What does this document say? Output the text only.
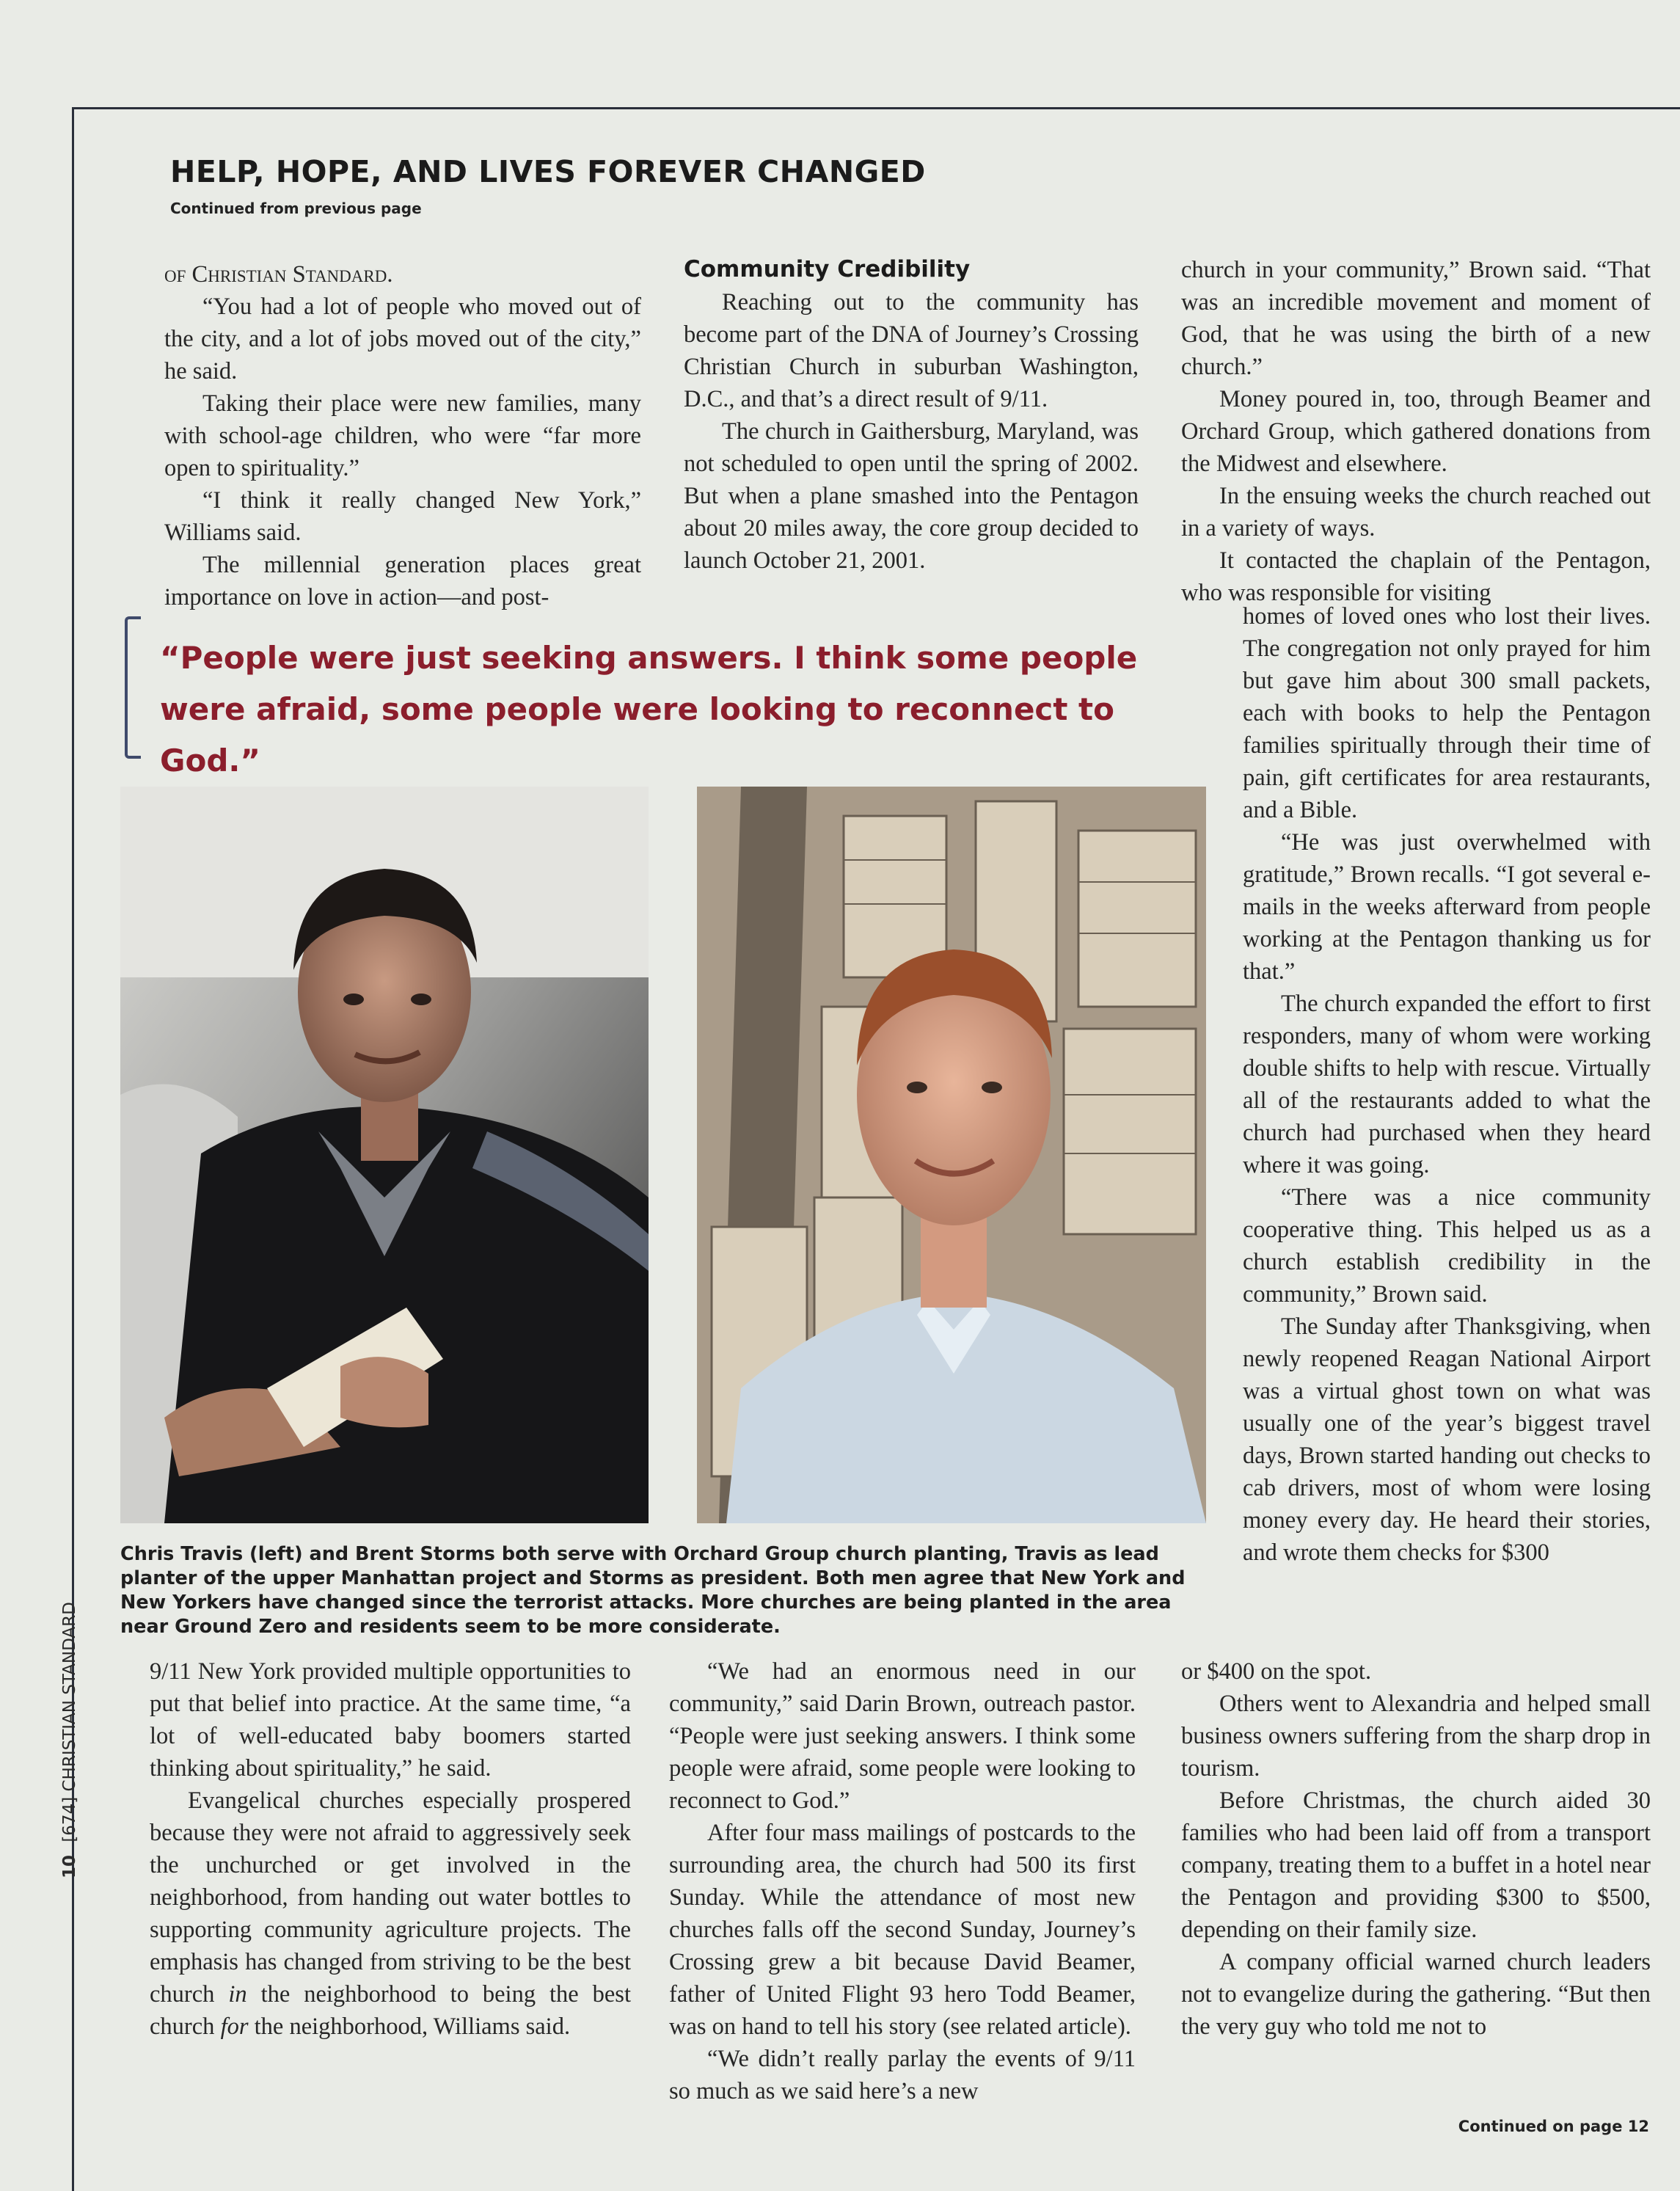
HELP, HOPE, AND LIVES FOREVER CHANGED
Continued from previous page

of Christian Standard.

“You had a lot of people who moved out of the city, and a lot of jobs moved out of the city,” he said.

Taking their place were new families, many with school-age children, who were “far more open to spirituality.”

“I think it really changed New York,” Williams said.

The millennial generation places great importance on love in action—and post-

Community Credibility

Reaching out to the community has become part of the DNA of Journey’s Crossing Christian Church in suburban Washington, D.C., and that’s a direct result of 9/11.

The church in Gaithersburg, Maryland, was not scheduled to open until the spring of 2002. But when a plane smashed into the Pentagon about 20 miles away, the core group decided to launch October 21, 2001.

church in your community,” Brown said. “That was an incredible movement and moment of God, that he was using the birth of a new church.”

Money poured in, too, through Beamer and Orchard Group, which gathered donations from the Midwest and elsewhere.

In the ensuing weeks the church reached out in a variety of ways.

It contacted the chaplain of the Pentagon, who was responsible for visiting

homes of loved ones who lost their lives. The congregation not only prayed for him but gave him about 300 small packets, each with books to help the Pentagon families spiritually through their time of pain, gift certificates for area restaurants, and a Bible.

“He was just overwhelmed with gratitude,” Brown recalls. “I got several e-mails in the weeks afterward from people working at the Pentagon thanking us for that.”

The church expanded the effort to first responders, many of whom were working double shifts to help with rescue. Virtually all of the restaurants added to what the church had purchased when they heard where it was going.

“There was a nice community cooperative thing. This helped us as a church establish credibility in the community,” Brown said.

The Sunday after Thanksgiving, when newly reopened Reagan National Airport was a virtual ghost town on what was usually one of the year’s biggest travel days, Brown started handing out checks to cab drivers, most of whom were losing money every day. He heard their stories, and wrote them checks for $300

or $400 on the spot.

Others went to Alexandria and helped small business owners suffering from the sharp drop in tourism.

Before Christmas, the church aided 30 families who had been laid off from a transport company, treating them to a buffet in a hotel near the Pentagon and providing $300 to $500, depending on their family size.

A company official warned church leaders not to evangelize during the gathering. “But then the very guy who told me not to

“People were just seeking answers. I think some people were afraid, some people were looking to reconnect to God.”
Chris Travis (left) and Brent Storms both serve with Orchard Group church planting, Travis as lead planter of the upper Manhattan project and Storms as president. Both men agree that New York and New Yorkers have changed since the terrorist attacks. More churches are being planted in the area near Ground Zero and residents seem to be more considerate.

9/11 New York provided multiple opportunities to put that belief into practice. At the same time, “a lot of well-educated baby boomers started thinking about spirituality,” he said.

Evangelical churches especially prospered because they were not afraid to aggressively seek the unchurched or get involved in the neighborhood, from handing out water bottles to supporting community agriculture projects. The emphasis has changed from striving to be the best church in the neighborhood to being the best church for the neighborhood, Williams said.

“We had an enormous need in our community,” said Darin Brown, outreach pastor. “People were just seeking answers. I think some people were afraid, some people were looking to reconnect to God.”

After four mass mailings of postcards to the surrounding area, the church had 500 its first Sunday. While the attendance of most new churches falls off the second Sunday, Journey’s Crossing grew a bit because David Beamer, father of United Flight 93 hero Todd Beamer, was on hand to tell his story (see related article).

“We didn’t really parlay the events of 9/11 so much as we said here’s a new

10 [674] CHRISTIAN STANDARD
Continued on page 12
